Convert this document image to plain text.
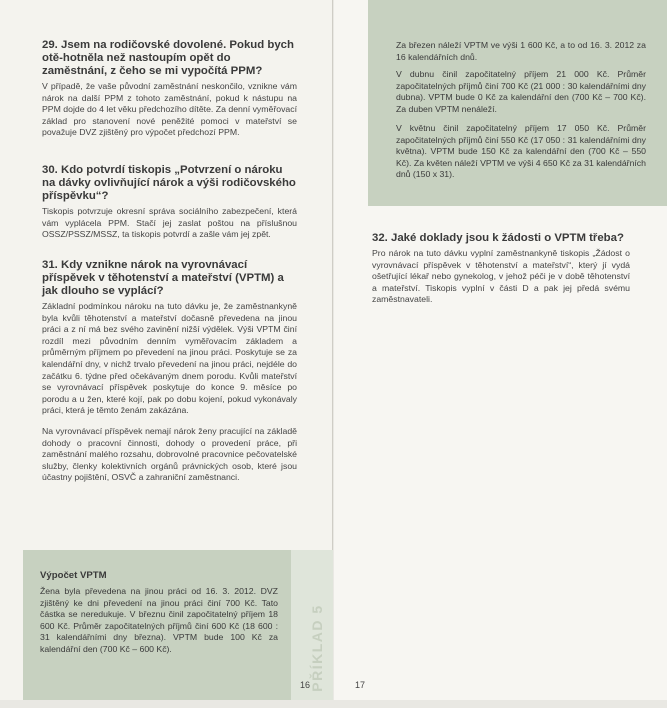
29. Jsem na rodičovské dovolené. Pokud bych otě-hotněla než nastoupím opět do zaměstnání, z čeho se mi vypočítá PPM?

V případě, že vaše původní zaměstnání neskončilo, vznikne vám nárok na další PPM z tohoto zaměstnání, pokud k nástupu na PPM dojde do 4 let věku předchozího dítěte. Za denní vyměřovací základ pro stanovení nové peněžité pomoci v mateřství se považuje DVZ zjištěný pro výpočet předchozí PPM.

30. Kdo potvrdí tiskopis „Potvrzení o nároku na dávky ovlivňující nárok a výši rodičovského příspěvku“?

Tiskopis potvrzuje okresní správa sociálního zabezpečení, která vám vyplácela PPM. Stačí jej zaslat poštou na příslušnou OSSZ/PSSZ/MSSZ, ta tiskopis potvrdí a zašle vám jej zpět.

31. Kdy vznikne nárok na vyrovnávací příspěvek v těhotenství a mateřství (VPTM) a jak dlouho se vyplácí?

Základní podmínkou nároku na tuto dávku je, že zaměstnankyně byla kvůli těhotenství a mateřství dočasně převedena na jinou práci a z ní má bez svého zavinění nižší výdělek. Výši VPTM činí rozdíl mezi původním denním vyměřovacím základem a průměrným příjmem po převedení na jinou práci. Poskytuje se za kalendářní dny, v nichž trvalo převedení na jinou práci, nejdéle do začátku 6. týdne před očekávaným dnem porodu. Kvůli mateřství se vyrovnávací příspěvek poskytuje do konce 9. měsíce po porodu a u žen, které kojí, pak po dobu kojení, pokud vykonávaly práci, která je těmto ženám zakázána.

Na vyrovnávací příspěvek nemají nárok ženy pracující na základě dohody o pracovní činnosti, dohody o provedení práce, při zaměstnání malého rozsahu, dobrovolné pracovnice pečovatelské služby, členky kolektivních orgánů právnických osob, které jsou účastny pojištění, OSVČ a zahraniční zaměstnanci.

Výpočet VPTM

Žena byla převedena na jinou práci od 16. 3. 2012. DVZ zjištěný ke dni převedení na jinou práci činí 700 Kč. Tato částka se neredukuje. V březnu činil započitatelný příjem 18 600 Kč. Průměr započitatelných příjmů činí 600 Kč (18 600 : 31 kalendářními dny března). VPTM bude 100 Kč za kalendářní den (700 Kč – 600 Kč).	PŘÍKLAD 5
16

Za březen náleží VPTM ve výši 1 600 Kč, a to od 16. 3. 2012 za 16 kalendářních dnů.

V dubnu činil započitatelný příjem 21 000 Kč. Průměr započitatelných příjmů činí 700 Kč (21 000 : 30 kalendářními dny dubna). VPTM bude 0 Kč za kalendářní den (700 Kč – 700 Kč). Za duben VPTM nenáleží.

V květnu činil započitatelný příjem 17 050 Kč. Průměr započitatelných příjmů činí 550 Kč (17 050 : 31 kalendářními dny května). VPTM bude 150 Kč za kalendářní den (700 Kč – 550 Kč). Za květen náleží VPTM ve výši 4 650 Kč za 31 kalendářních dnů (150 x 31).

32. Jaké doklady jsou k žádosti o VPTM třeba?

Pro nárok na tuto dávku vyplní zaměstnankyně tiskopis „Žádost o vyrovnávací příspěvek v těhotenství a mateřství“, který jí vydá ošetřující lékař nebo gynekolog, v jehož péči je v době těhotenství a mateřství. Tiskopis vyplní v části D a pak jej předá svému zaměstnavateli.

17
